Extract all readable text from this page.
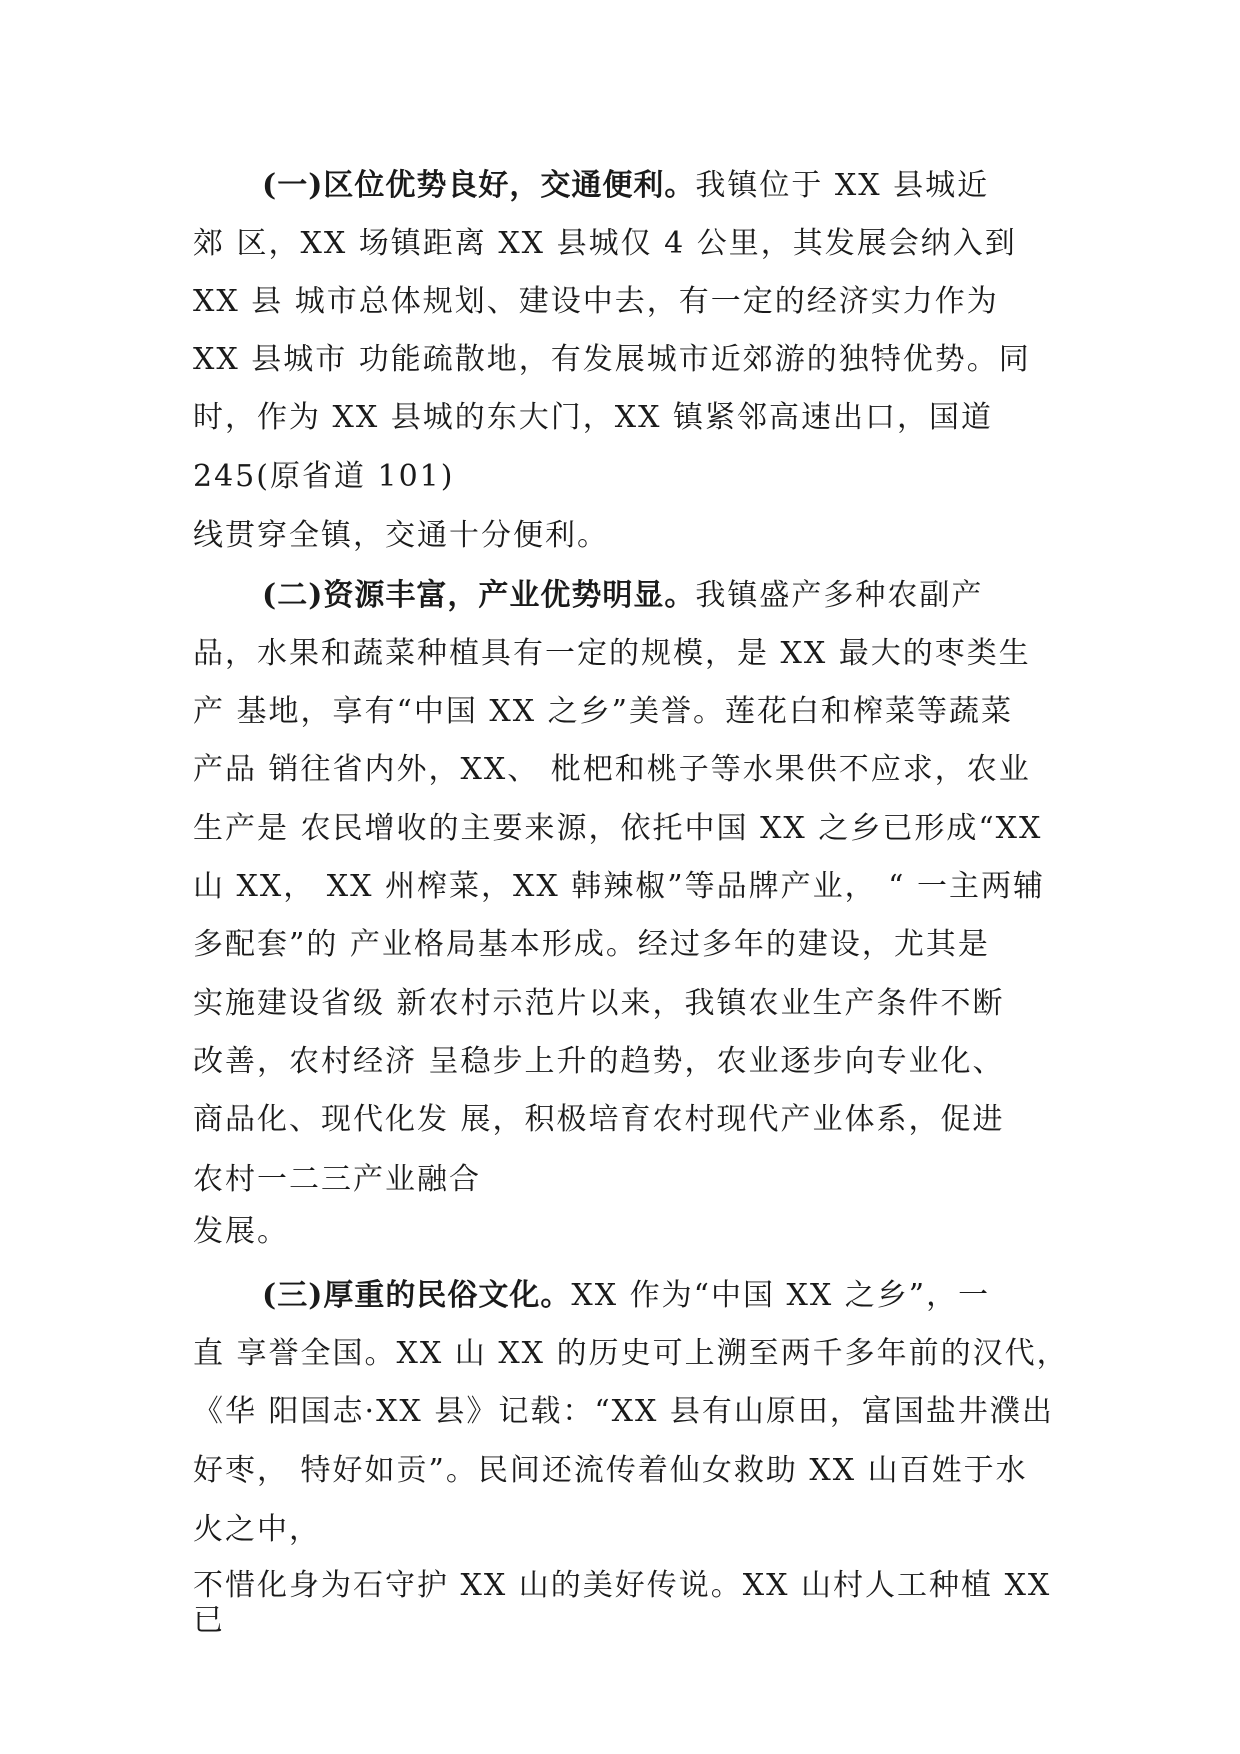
(一)区位优势良好，交通便利。我镇位于 XX 县城近
郊 区，XX 场镇距离 XX 县城仅 4 公里，其发展会纳入到
XX 县 城市总体规划、建设中去，有一定的经济实力作为
XX 县城市 功能疏散地，有发展城市近郊游的独特优势。同
时，作为 XX 县城的东大门，XX 镇紧邻高速出口，国道
245(原省道 101)
线贯穿全镇，交通十分便利。
(二)资源丰富，产业优势明显。我镇盛产多种农副产
品，水果和蔬菜种植具有一定的规模，是 XX 最大的枣类生
产 基地，享有“中国 XX 之乡”美誉。莲花白和榨菜等蔬菜
产品 销往省内外，XX、 枇杷和桃子等水果供不应求，农业
生产是 农民增收的主要来源，依托中国 XX 之乡已形成“XX
山 XX， XX 州榨菜，XX 韩辣椒”等品牌产业， “ 一主两辅
多配套”的 产业格局基本形成。经过多年的建设，尤其是
实施建设省级 新农村示范片以来，我镇农业生产条件不断
改善，农村经济 呈稳步上升的趋势，农业逐步向专业化、
商品化、现代化发 展，积极培育农村现代产业体系，促进
农村一二三产业融合
发展。
(三)厚重的民俗文化。XX 作为“中国 XX 之乡”，一
直 享誉全国。XX 山 XX 的历史可上溯至两千多年前的汉代，
《华 阳国志·XX 县》记载：“XX 县有山原田，富国盐井濮出
好枣， 特好如贡”。民间还流传着仙女救助 XX 山百姓于水
火之中，
不惜化身为石守护 XX 山的美好传说。XX 山村人工种植 XX
已
